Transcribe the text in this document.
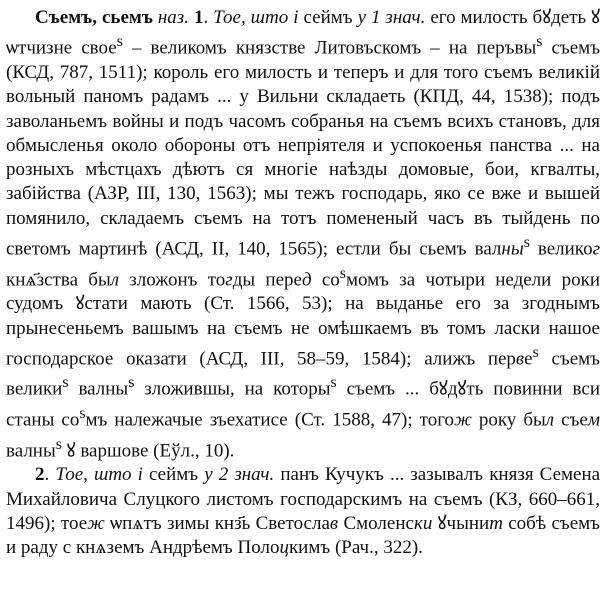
Съемъ, сьемъ наз. 1. Тое, што і сеймъ у 1 знач. его милость бꙋдеть ꙋ ѡтчизне свое$^s$ – великомъ князстве Литовъскомъ – на перъвы$^s$ съемъ (КСД, 787, 1511); король его милость и теперъ и для того съемъ великій вольный паномъ радамъ ... у Вильни складаеть (КПД, 44, 1538); подъ заволаньемъ войны и подъ часомъ собранья на съемъ всихъ становъ, для обмысленья около обороны отъ непріятеля и успокоенья панства ... на розныхъ мѣстцахъ дѣютъ ся многіе наѣзды домовые, бои, кгвалты, забійства (АЗР, III, 130, 1563); мы тежъ господарь, яко се вже и вышей помянило, складаемъ съемъ на тотъ помененый часъ въ тыйдень по светомъ мартинѣ (АСД, II, 140, 1565); естли бы сьемъ валны$^s$ великог кнѧ҃зства был зложонъ тогды перед $со^sмомъ$ за чотыри недели роки судомъ ꙋстати мають (Ст. 1566, 53); на выданье его за згоднымъ прынесеньемъ вашымъ на съемъ не омѣшкаемъ въ томъ ласки нашое господарское оказати (АСД, III, 58–59, 1584); алижъ перве$^s$ съемъ велики$^s$ валны$^s$ зложившы, на которы$^s$ съемъ ... бꙋдꙋть повинни вси станы $со^sмъ$ належачые зъехатисе (Ст. 1588, 47); тогож року был съем валны$^s$ ꙋ варшове (Еўл., 10).

2. Тое, што і сеймъ у 2 знач. панъ Кучукъ ... зазывалъ князя Семена Михайловича Слуцкого листомъ господарскимъ на съемъ (КЗ, 660–661, 1496); тоеж ѡпѧтъ зимы кнз҃ь Светослав Смоленски ꙋчынит собѣ съемъ и раду с кнѧземъ Андрѣемъ Полоцкимъ (Рач., 322).
